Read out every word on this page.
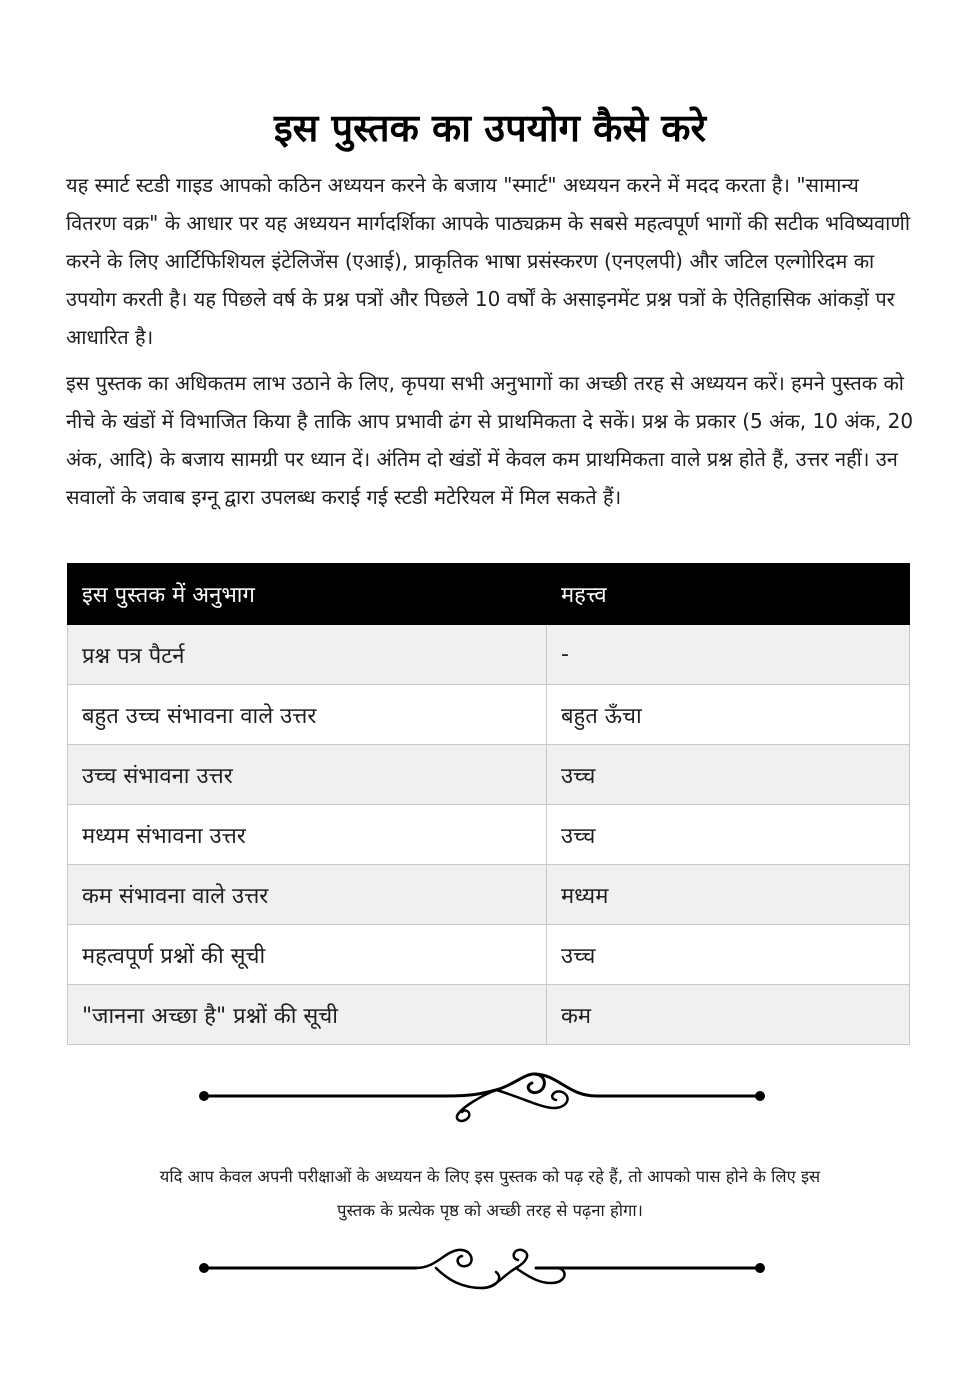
इस पुस्तक का उपयोग कैसे करे

यह स्मार्ट स्टडी गाइड आपको कठिन अध्ययन करने के बजाय "स्मार्ट" अध्ययन करने में मदद करता है। "सामान्य वितरण वक्र" के आधार पर यह अध्ययन मार्गदर्शिका आपके पाठ्यक्रम के सबसे महत्वपूर्ण भागों की सटीक भविष्यवाणी करने के लिए आर्टिफिशियल इंटेलिजेंस (एआई), प्राकृतिक भाषा प्रसंस्करण (एनएलपी) और जटिल एल्गोरिदम का उपयोग करती है। यह पिछले वर्ष के प्रश्न पत्रों और पिछले 10 वर्षों के असाइनमेंट प्रश्न पत्रों के ऐतिहासिक आंकड़ों पर आधारित है।

इस पुस्तक का अधिकतम लाभ उठाने के लिए, कृपया सभी अनुभागों का अच्छी तरह से अध्ययन करें। हमने पुस्तक को नीचे के खंडों में विभाजित किया है ताकि आप प्रभावी ढंग से प्राथमिकता दे सकें। प्रश्न के प्रकार (5 अंक, 10 अंक, 20 अंक, आदि) के बजाय सामग्री पर ध्यान दें। अंतिम दो खंडों में केवल कम प्राथमिकता वाले प्रश्न होते हैं, उत्तर नहीं। उन सवालों के जवाब इग्नू द्वारा उपलब्ध कराई गई स्टडी मटेरियल में मिल सकते हैं।

इस पुस्तक में अनुभाग	महत्त्व
प्रश्न पत्र पैटर्न	-
बहुत उच्च संभावना वाले उत्तर	बहुत ऊँचा
उच्च संभावना उत्तर	उच्च
मध्यम संभावना उत्तर	उच्च
कम संभावना वाले उत्तर	मध्यम
महत्वपूर्ण प्रश्नों की सूची	उच्च
"जानना अच्छा है" प्रश्नों की सूची	कम

यदि आप केवल अपनी परीक्षाओं के अध्ययन के लिए इस पुस्तक को पढ़ रहे हैं, तो आपको पास होने के लिए इस पुस्तक के प्रत्येक पृष्ठ को अच्छी तरह से पढ़ना होगा।
